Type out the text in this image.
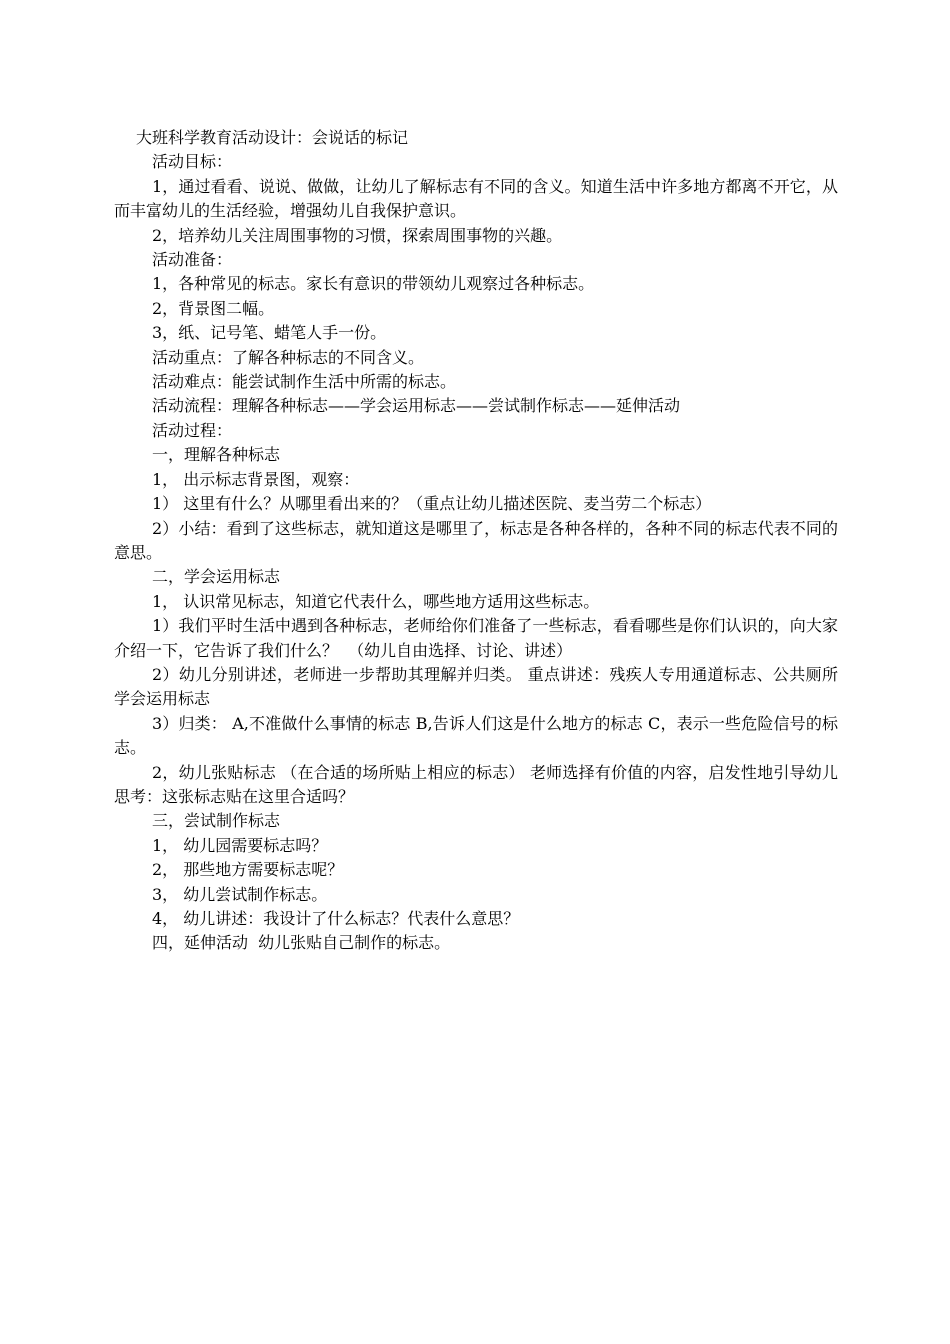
大班科学教育活动设计：会说话的标记

活动目标：

1，通过看看、说说、做做，让幼儿了解标志有不同的含义。知道生活中许多地方都离不开它，从而丰富幼儿的生活经验，增强幼儿自我保护意识。

2，培养幼儿关注周围事物的习惯，探索周围事物的兴趣。

活动准备：

1，各种常见的标志。家长有意识的带领幼儿观察过各种标志。

2，背景图二幅。

3，纸、记号笔、蜡笔人手一份。

活动重点：了解各种标志的不同含义。

活动难点：能尝试制作生活中所需的标志。

活动流程：理解各种标志——学会运用标志——尝试制作标志——延伸活动

活动过程：

一，理解各种标志

1， 出示标志背景图，观察：

1） 这里有什么？从哪里看出来的？（重点让幼儿描述医院、麦当劳二个标志）

2）小结：看到了这些标志，就知道这是哪里了，标志是各种各样的，各种不同的标志代表不同的意思。

二，学会运用标志

1， 认识常见标志，知道它代表什么，哪些地方适用这些标志。

1）我们平时生活中遇到各种标志，老师给你们准备了一些标志，看看哪些是你们认识的，向大家介绍一下，它告诉了我们什么？  （幼儿自由选择、讨论、讲述）

2）幼儿分别讲述，老师进一步帮助其理解并归类。 重点讲述：残疾人专用通道标志、公共厕所学会运用标志

3）归类： A,不准做什么事情的标志 B,告诉人们这是什么地方的标志 C，表示一些危险信号的标志。

2，幼儿张贴标志 （在合适的场所贴上相应的标志） 老师选择有价值的内容，启发性地引导幼儿思考：这张标志贴在这里合适吗？

三，尝试制作标志

1， 幼儿园需要标志吗？

2， 那些地方需要标志呢？

3， 幼儿尝试制作标志。

4， 幼儿讲述：我设计了什么标志？代表什么意思？

四，延伸活动  幼儿张贴自己制作的标志。
